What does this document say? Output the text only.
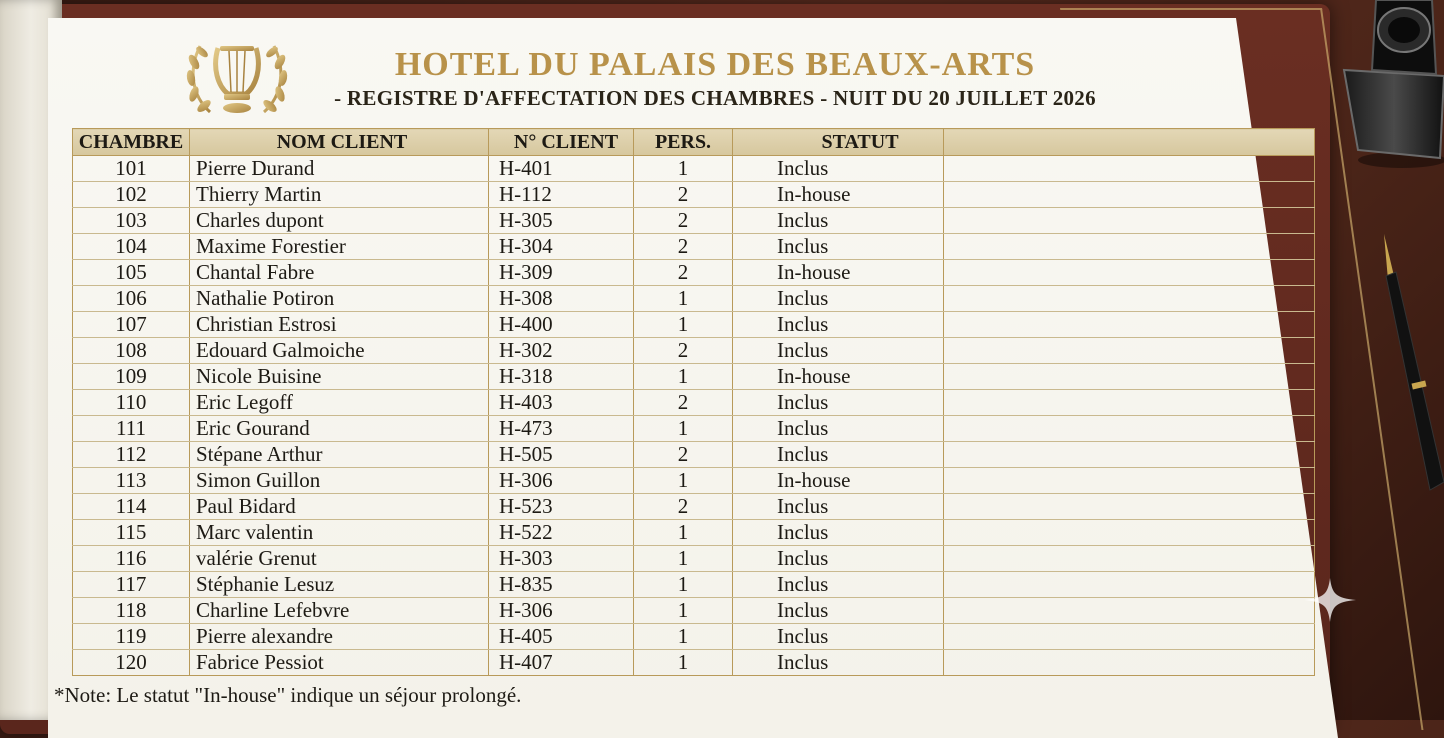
HOTEL DU PALAIS DES BEAUX-ARTS
- REGISTRE D'AFFECTATION DES CHAMBRES - NUIT DU 20 JUILLET 2026
CHAMBRE	NOM CLIENT	N° CLIENT	PERS.	STATUT	
101	Pierre Durand	H-401	1	Inclus	
102	Thierry Martin	H-112	2	In-house	
103	Charles dupont	H-305	2	Inclus	
104	Maxime Forestier	H-304	2	Inclus	
105	Chantal Fabre	H-309	2	In-house	
106	Nathalie Potiron	H-308	1	Inclus	
107	Christian Estrosi	H-400	1	Inclus	
108	Edouard Galmoiche	H-302	2	Inclus	
109	Nicole Buisine	H-318	1	In-house	
110	Eric Legoff	H-403	2	Inclus	
111	Eric Gourand	H-473	1	Inclus	
112	Stépane Arthur	H-505	2	Inclus	
113	Simon Guillon	H-306	1	In-house	
114	Paul Bidard	H-523	2	Inclus	
115	Marc valentin	H-522	1	Inclus	
116	valérie Grenut	H-303	1	Inclus	
117	Stéphanie Lesuz	H-835	1	Inclus	
118	Charline Lefebvre	H-306	1	Inclus	
119	Pierre alexandre	H-405	1	Inclus	
120	Fabrice Pessiot	H-407	1	Inclus	
*Note: Le statut "In-house" indique un séjour prolongé.
